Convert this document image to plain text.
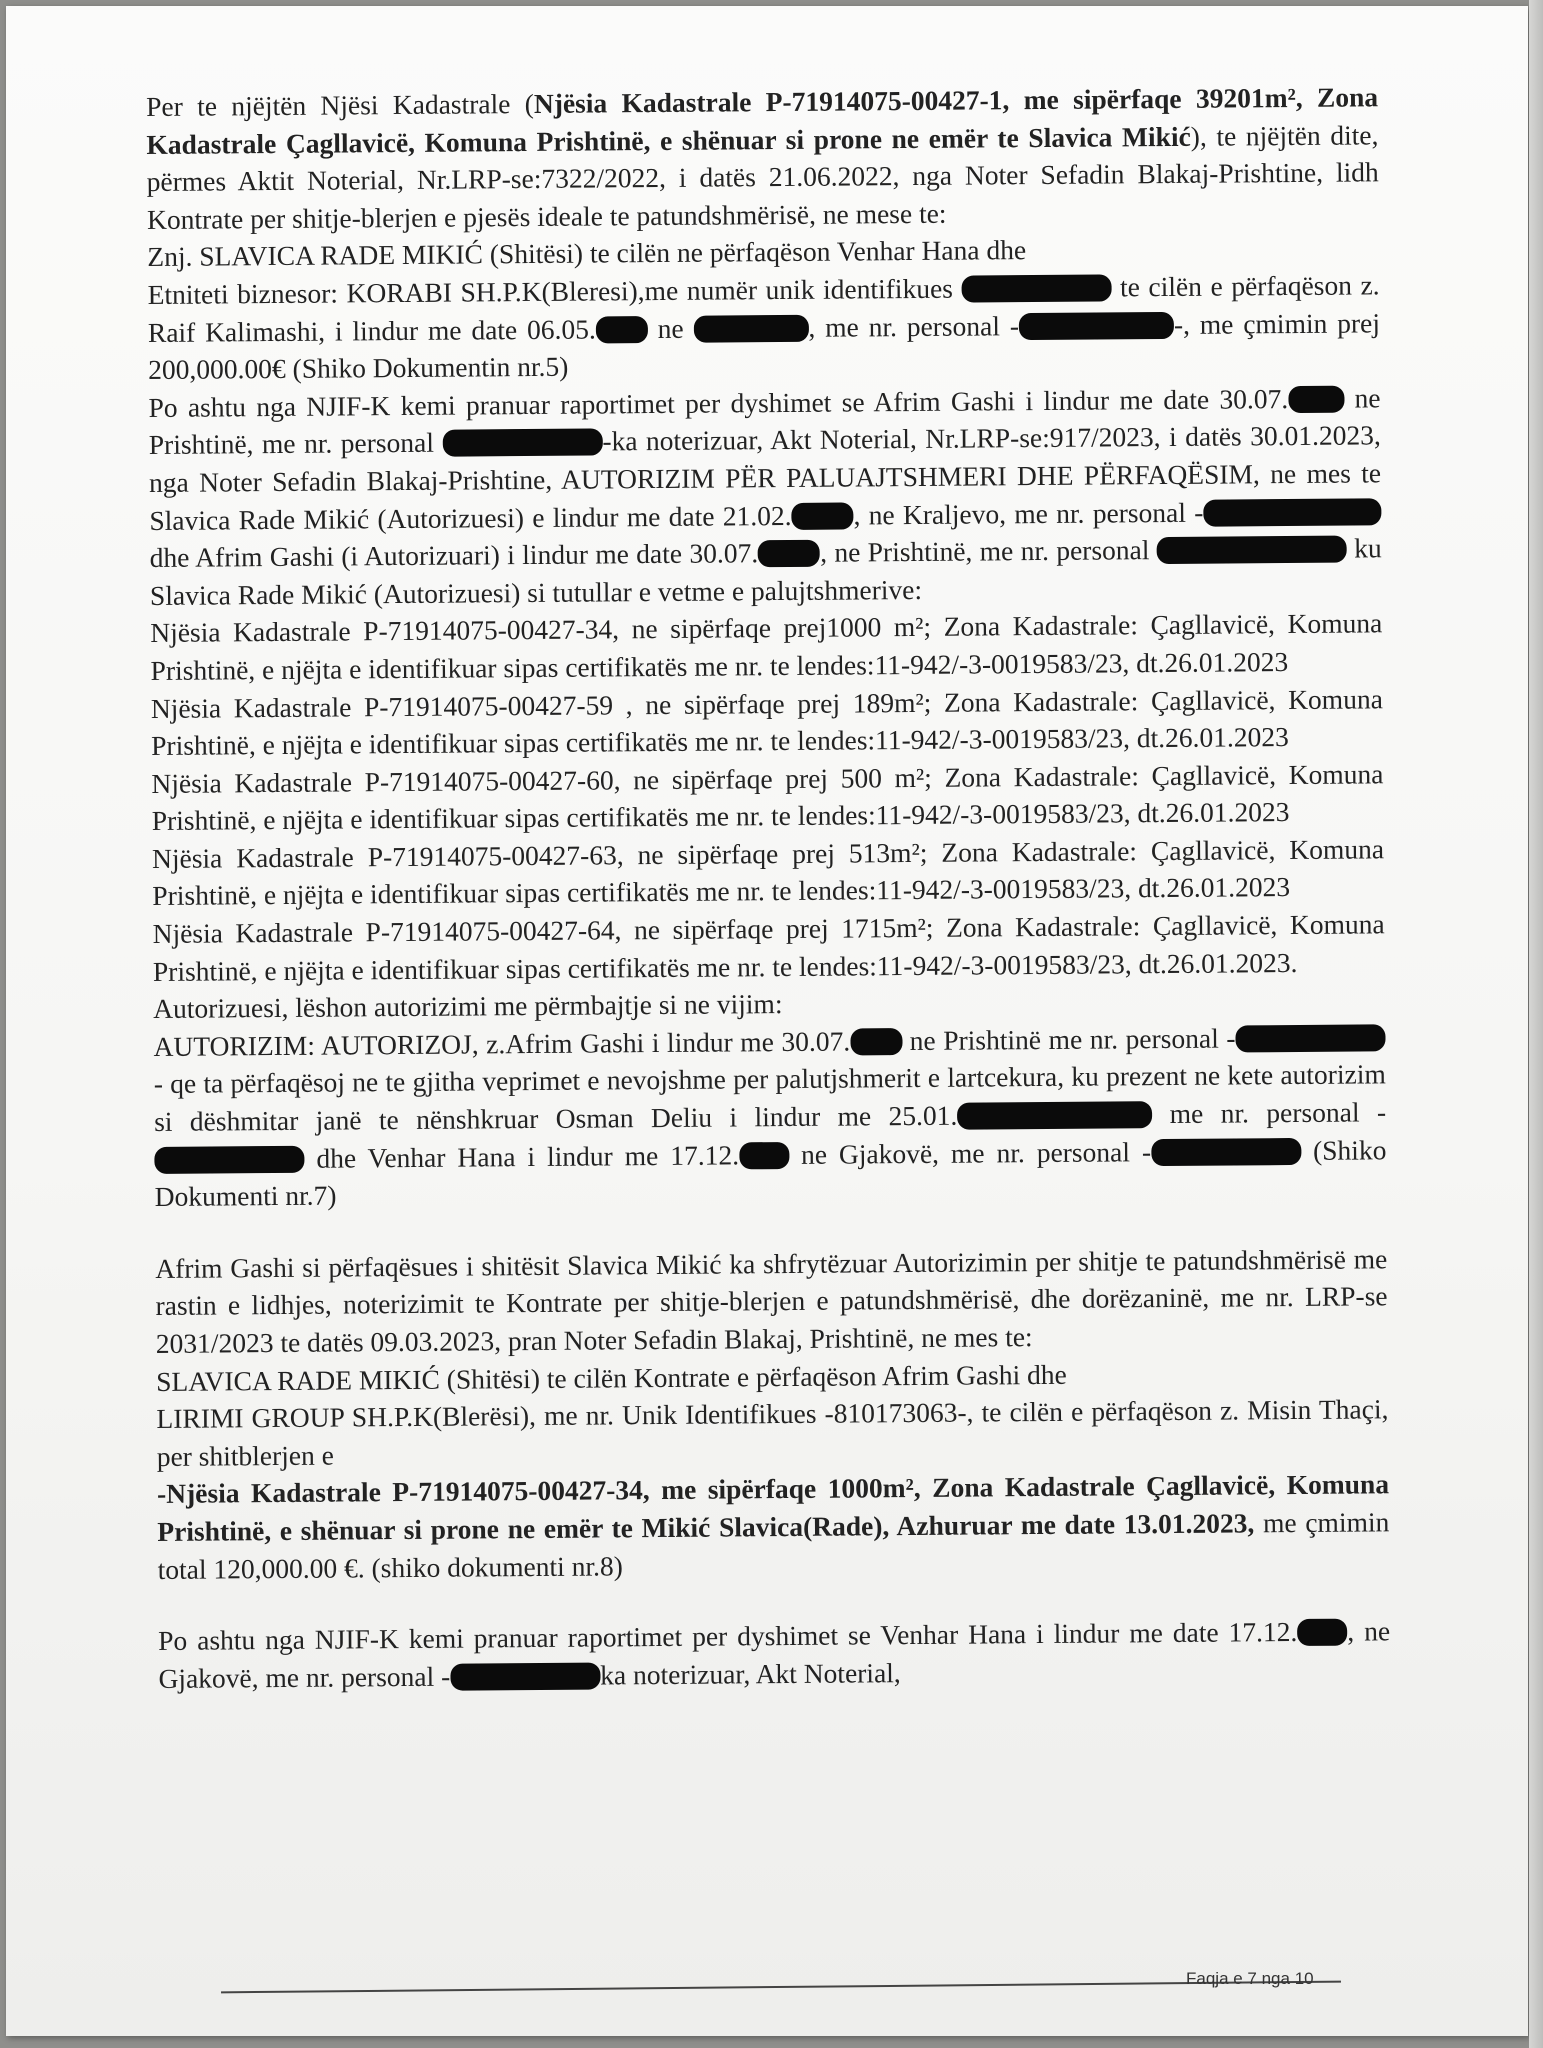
Per te njëjtën Njësi Kadastrale (Njësia Kadastrale P-71914075-00427-1, me sipërfaqe 39201m², Zona Kadastrale Çagllavicë, Komuna Prishtinë, e shënuar si prone ne emër te Slavica Mikić), te njëjtën dite, përmes Aktit Noterial, Nr.LRP-se:7322/2022, i datës 21.06.2022, nga Noter Sefadin Blakaj-Prishtine, lidh Kontrate per shitje-blerjen e pjesës ideale te patundshmërisë, ne mese te:

Znj. SLAVICA RADE MIKIĆ (Shitësi) te cilën ne përfaqëson Venhar Hana dhe

Etniteti biznesor: KORABI SH.P.K(Bleresi),me numër unik identifikues	te cilën e përfaqëson z. Raif Kalimashi, i lindur me date 06.05. ne	, me nr. personal -	-, me çmimin prej 200,000.00€ (Shiko Dokumentin nr.5)

Po ashtu nga NJIF-K kemi pranuar raportimet per dyshimet se Afrim Gashi i lindur me date 30.07. ne Prishtinë, me nr. personal	-ka noterizuar, Akt Noterial, Nr.LRP-se:917/2023, i datës 30.01.2023, nga Noter Sefadin Blakaj-Prishtine, AUTORIZIM PËR PALUAJTSHMERI DHE PËRFAQËSIM, ne mes te Slavica Rade Mikić (Autorizuesi) e lindur me date 21.02. , ne Kraljevo, me nr. personal - dhe Afrim Gashi (i Autorizuari) i lindur me date 30.07. , ne Prishtinë, me nr. personal	ku Slavica Rade Mikić (Autorizuesi) si tutullar e vetme e palujtshmerive:

Njësia Kadastrale P-71914075-00427-34, ne sipërfaqe prej1000 m²; Zona Kadastrale: Çagllavicë, Komuna Prishtinë, e njëjta e identifikuar sipas certifikatës me nr. te lendes:11-942/-3-0019583/23, dt.26.01.2023

Njësia Kadastrale P-71914075-00427-59 , ne sipërfaqe prej 189m²; Zona Kadastrale: Çagllavicë, Komuna Prishtinë, e njëjta e identifikuar sipas certifikatës me nr. te lendes:11-942/-3-0019583/23, dt.26.01.2023

Njësia Kadastrale P-71914075-00427-60, ne sipërfaqe prej 500 m²; Zona Kadastrale: Çagllavicë, Komuna Prishtinë, e njëjta e identifikuar sipas certifikatës me nr. te lendes:11-942/-3-0019583/23, dt.26.01.2023

Njësia Kadastrale P-71914075-00427-63, ne sipërfaqe prej 513m²; Zona Kadastrale: Çagllavicë, Komuna Prishtinë, e njëjta e identifikuar sipas certifikatës me nr. te lendes:11-942/-3-0019583/23, dt.26.01.2023

Njësia Kadastrale P-71914075-00427-64, ne sipërfaqe prej 1715m²; Zona Kadastrale: Çagllavicë, Komuna Prishtinë, e njëjta e identifikuar sipas certifikatës me nr. te lendes:11-942/-3-0019583/23, dt.26.01.2023.

Autorizuesi, lëshon autorizimi me përmbajtje si ne vijim:

AUTORIZIM: AUTORIZOJ, z.Afrim Gashi i lindur me 30.07. ne Prishtinë me nr. personal -- qe ta përfaqësoj ne te gjitha veprimet e nevojshme per palutjshmerit e lartcekura, ku prezent ne kete autorizim si dëshmitar janë te nënshkruar Osman Deliu i lindur me 25.01.	me nr. personal - dhe Venhar Hana i lindur me 17.12. ne Gjakovë, me nr. personal -	(Shiko Dokumenti nr.7)

Afrim Gashi si përfaqësues i shitësit Slavica Mikić ka shfrytëzuar Autorizimin per shitje te patundshmërisë me rastin e lidhjes, noterizimit te Kontrate per shitje-blerjen e patundshmërisë, dhe dorëzaninë, me nr. LRP-se 2031/2023 te datës 09.03.2023, pran Noter Sefadin Blakaj, Prishtinë, ne mes te:

SLAVICA RADE MIKIĆ (Shitësi) te cilën Kontrate e përfaqëson Afrim Gashi dhe

LIRIMI GROUP SH.P.K(Blerësi), me nr. Unik Identifikues -810173063-, te cilën e përfaqëson z. Misin Thaçi, per shitblerjen e

-Njësia Kadastrale P-71914075-00427-34, me sipërfaqe 1000m², Zona Kadastrale Çagllavicë, Komuna Prishtinë, e shënuar si prone ne emër te Mikić Slavica(Rade), Azhuruar me date 13.01.2023, me çmimin total 120,000.00 €. (shiko dokumenti nr.8)

Po ashtu nga NJIF-K kemi pranuar raportimet per dyshimet se Venhar Hana i lindur me date 17.12. , ne Gjakovë, me nr. personal -	ka noterizuar, Akt Noterial,

Faqja e 7 nga 10
